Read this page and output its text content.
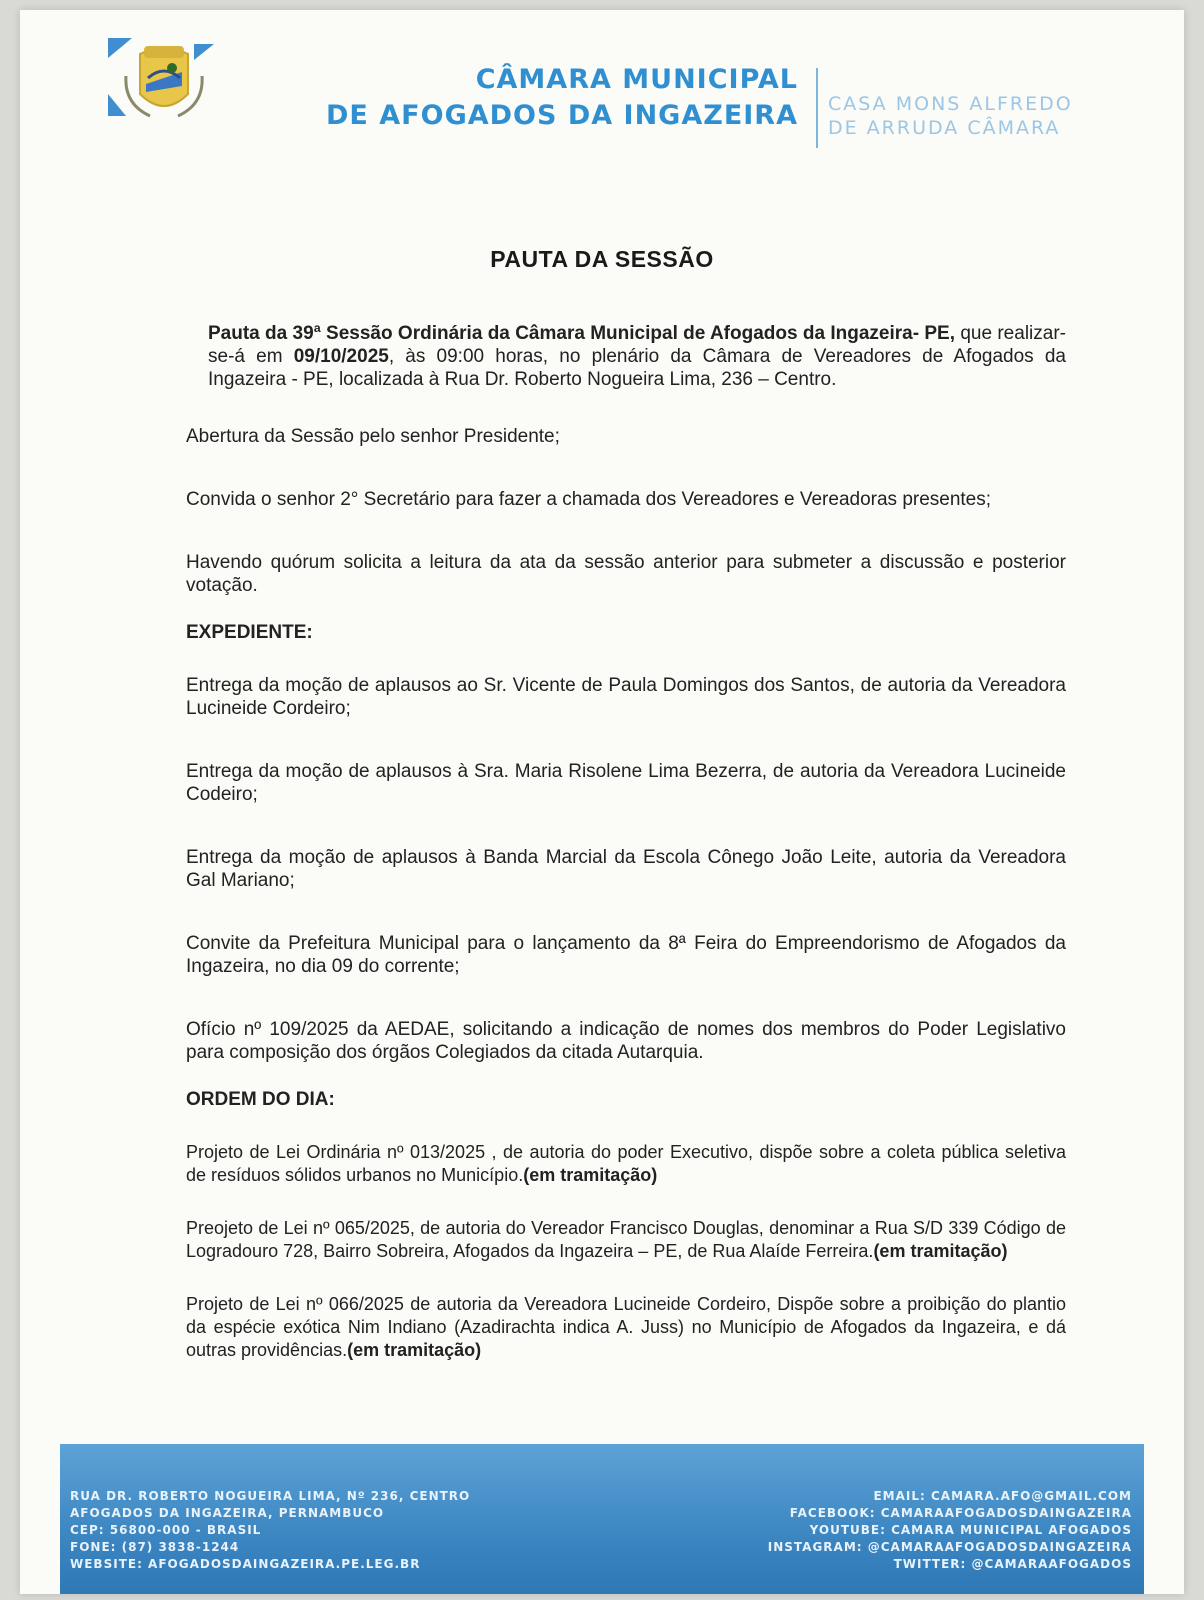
CÂMARA MUNICIPAL
DE AFOGADOS DA INGAZEIRA CASA MONS ALFREDO
DE ARRUDA CÂMARA
PAUTA DA SESSÃO

Pauta da 39ª Sessão Ordinária da Câmara Municipal de Afogados da Ingazeira- PE, que realizar-se-á em 09/10/2025, às 09:00 horas, no plenário da Câmara de Vereadores de Afogados da Ingazeira - PE, localizada à Rua Dr. Roberto Nogueira Lima, 236 – Centro.

Abertura da Sessão pelo senhor Presidente;

Convida o senhor 2° Secretário para fazer a chamada dos Vereadores e Vereadoras presentes;

Havendo quórum solicita a leitura da ata da sessão anterior para submeter a discussão e posterior votação.

EXPEDIENTE:

Entrega da moção de aplausos ao Sr. Vicente de Paula Domingos dos Santos, de autoria da Vereadora Lucineide Cordeiro;

Entrega da moção de aplausos à Sra. Maria Risolene Lima Bezerra, de autoria da Vereadora Lucineide Codeiro;

Entrega da moção de aplausos à Banda Marcial da Escola Cônego João Leite, autoria da Vereadora Gal Mariano;

Convite da Prefeitura Municipal para o lançamento da 8ª Feira do Empreendorismo de Afogados da Ingazeira, no dia 09 do corrente;

Ofício nº 109/2025 da AEDAE, solicitando a indicação de nomes dos membros do Poder Legislativo para composição dos órgãos Colegiados da citada Autarquia.

ORDEM DO DIA:

Projeto de Lei Ordinária nº 013/2025 , de autoria do poder Executivo, dispõe sobre a coleta pública seletiva de resíduos sólidos urbanos no Município.(em tramitação)

Preojeto de Lei nº 065/2025, de autoria do Vereador Francisco Douglas, denominar a Rua S/D 339 Código de Logradouro 728, Bairro Sobreira, Afogados da Ingazeira – PE, de Rua Alaíde Ferreira.(em tramitação)

Projeto de Lei nº 066/2025 de autoria da Vereadora Lucineide Cordeiro, Dispõe sobre a proibição do plantio da espécie exótica Nim Indiano (Azadirachta indica A. Juss) no Município de Afogados da Ingazeira, e dá outras providências.(em tramitação)

RUA DR. ROBERTO NOGUEIRA LIMA, Nº 236, CENTRO
AFOGADOS DA INGAZEIRA, PERNAMBUCO
CEP: 56800-000 - BRASIL
FONE: (87) 3838-1244
WEBSITE: AFOGADOSDAINGAZEIRA.PE.LEG.BR
EMAIL: CAMARA.AFO@GMAIL.COM
FACEBOOK: CAMARAAFOGADOSDAINGAZEIRA
YOUTUBE: CAMARA MUNICIPAL AFOGADOS
INSTAGRAM: @CAMARAAFOGADOSDAINGAZEIRA
TWITTER: @CAMARAAFOGADOS
